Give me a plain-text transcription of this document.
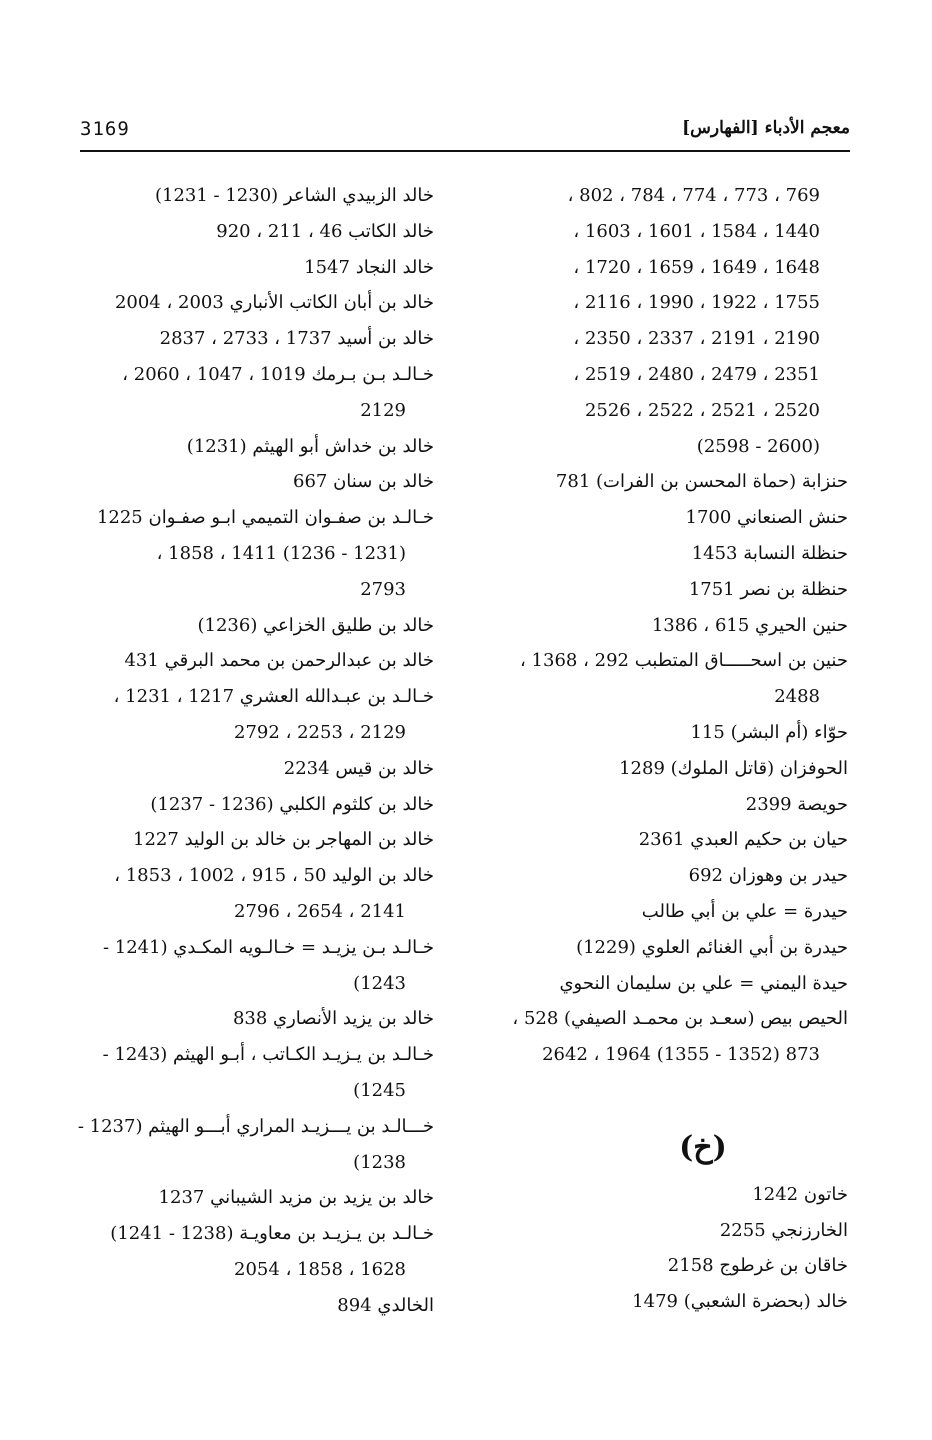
3169	معجم الأدباء [الفهارس]
769 ، 773 ، 774 ، 784 ، 802 ،
1440 ، 1584 ، 1601 ، 1603 ،
1648 ، 1649 ، 1659 ، 1720 ،
1755 ، 1922 ، 1990 ، 2116 ،
2190 ، 2191 ، 2337 ، 2350 ،
2351 ، 2479 ، 2480 ، 2519 ،
2520 ، 2521 ، 2522 ، 2526
(2600 - 2598)
حنزابة (حماة المحسن بن الفرات) 781
حنش الصنعاني 1700
حنظلة النسابة 1453
حنظلة بن نصر 1751
حنين الحيري 615 ، 1386
حنين بن اسحـــــاق المتطبب 292 ، 1368 ،
2488
حوّاء (أم البشر) 115
الحوفزان (قاتل الملوك) 1289
حويصة 2399
حيان بن حكيم العبدي 2361
حيدر بن وهوزان 692
حيدرة = علي بن أبي طالب
حيدرة بن أبي الغنائم العلوي (1229)
حيدة اليمني = علي بن سليمان النحوي
الحيص بيص (سعـد بن محمـد الصيفي) 528 ،
873 (1352 - 1355) 1964 ، 2642
(خ)
خاتون 1242
الخارزنجي 2255
خاقان بن غرطوج 2158
خالد (بحضرة الشعبي) 1479
خالد الزبيدي الشاعر (1230 - 1231)
خالد الكاتب 46 ، 211 ، 920
خالد النجاد 1547
خالد بن أبان الكاتب الأنباري 2003 ، 2004
خالد بن أسيد 1737 ، 2733 ، 2837
خـالـد بـن بـرمك 1019 ، 1047 ، 2060 ،
2129
خالد بن خداش أبو الهيثم (1231)
خالد بن سنان 667
خـالـد بن صفـوان التميمي ابـو صفـوان 1225
(1231 - 1236) 1411 ، 1858 ،
2793
خالد بن طليق الخزاعي (1236)
خالد بن عبدالرحمن بن محمد البرقي 431
خـالـد بن عبـدالله العشري 1217 ، 1231 ،
2129 ، 2253 ، 2792
خالد بن قيس 2234
خالد بن كلثوم الكلبي (1236 - 1237)
خالد بن المهاجر بن خالد بن الوليد 1227
خالد بن الوليد 50 ، 915 ، 1002 ، 1853 ،
2141 ، 2654 ، 2796
خـالـد بـن يزيـد = خـالـويه المكـدي (1241 -
1243)
خالد بن يزيد الأنصاري 838
خـالـد بن يـزيـد الكـاتب ، أبـو الهيثم (1243 -
1245)
خـــالـد بن يـــزيـد المراري أبـــو الهيثم (1237 -
1238)
خالد بن يزيد بن مزيد الشيباني 1237
خـالـد بن يـزيـد بن معاويـة (1238 - 1241)
1628 ، 1858 ، 2054
الخالدي 894
